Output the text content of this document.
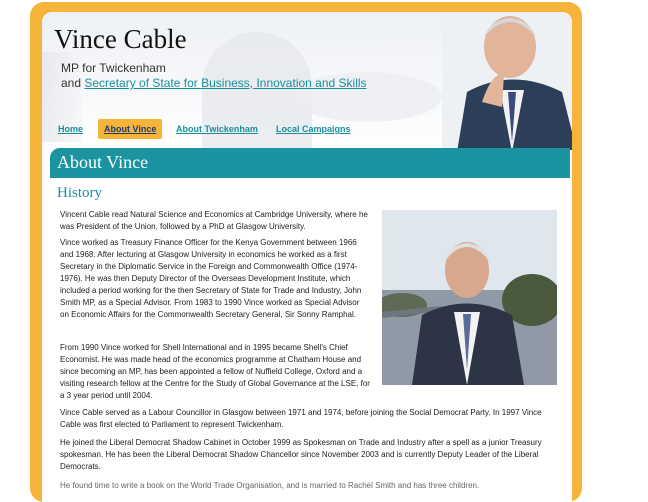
Vince Cable
MP for Twickenham
and Secretary of State for Business, Innovation and Skills
Home	About Vince	About Twickenham	Local Campaigns
About Vince
History
Vincent Cable read Natural Science and Economics at Cambridge University, where he was President of the Union, followed by a PhD at Glasgow University.
Vince worked as Treasury Finance Officer for the Kenya Government between 1966 and 1968. After lecturing at Glasgow University in economics he worked as a first Secretary in the Diplomatic Service in the Foreign and Commonwealth Office (1974-1976). He was then Deputy Director of the Overseas Development Institute, which included a period working for the then Secretary of State for Trade and Industry, John Smith MP, as a Special Advisor. From 1983 to 1990 Vince worked as Special Advisor on Economic Affairs for the Commonwealth Secretary General, Sir Sonny Ramphal.
From 1990 Vince worked for Shell International and in 1995 became Shell's Chief Economist. He was made head of the economics programme at Chatham House and since becoming an MP, has been appointed a fellow of Nuffield College, Oxford and a visiting research fellow at the Centre for the Study of Global Governance at the LSE, for a 3 year period until 2004.
Vince Cable served as a Labour Councillor in Glasgow between 1971 and 1974, before joining the Social Democrat Party. In 1997 Vince Cable was first elected to Parliament to represent Twickenham.
He joined the Liberal Democrat Shadow Cabinet in October 1999 as Spokesman on Trade and Industry after a spell as a junior Treasury spokesman. He has been the Liberal Democrat Shadow Chancellor since November 2003 and is currently Deputy Leader of the Liberal Democrats.
He found time to write a book on the World Trade Organisation, and is married to Rachel Smith and has three children.
